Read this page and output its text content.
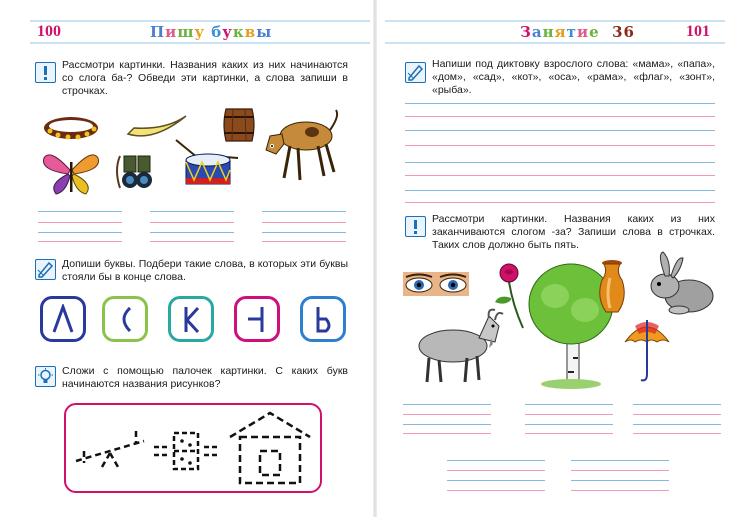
100	Пишу буквы
Рассмотри картинки. Названия каких из них начинаются со слога ба-? Обведи эти картинки, а слова запиши в строчках.
Допиши буквы. Подбери такие слова, в которых эти буквы стояли бы в конце слова.
Сложи с помощью палочек картинки. С каких букв начинаются названия рисунков?
Занятие  36	101
Напиши под диктовку взрослого слова: «мама», «папа», «дом», «сад», «кот», «оса», «рама», «флаг», «зонт», «рыба».
Рассмотри картинки. Названия каких из них заканчиваются слогом -за? Запиши слова в строчках. Таких слов должно быть пять.
